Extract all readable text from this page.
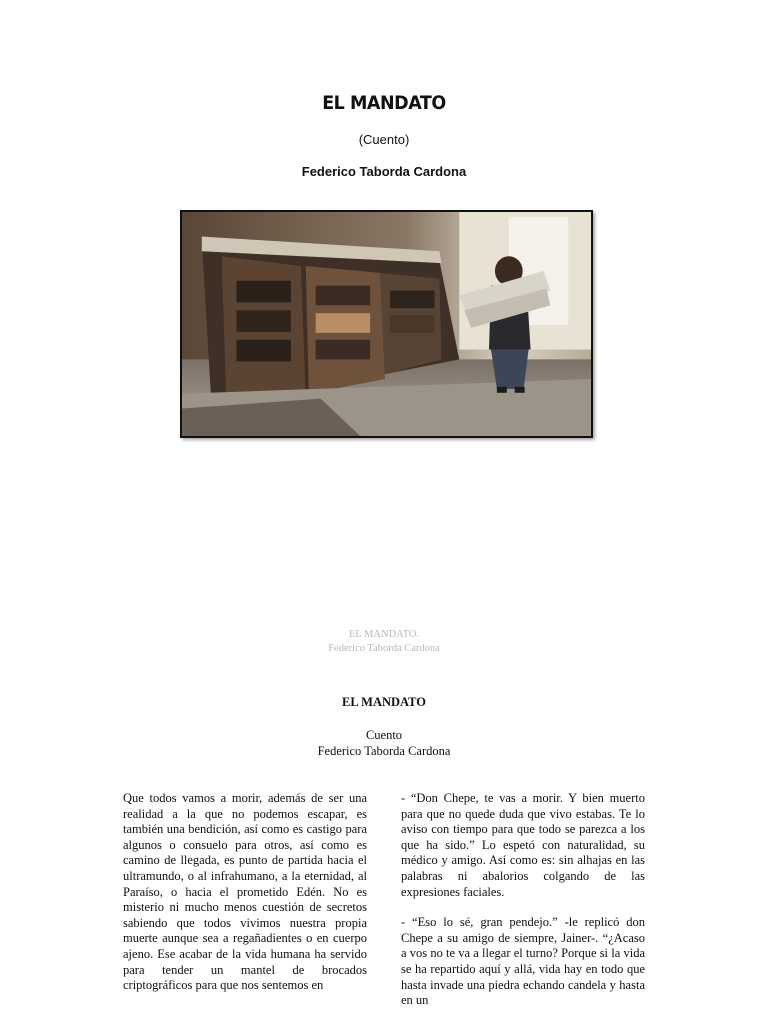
EL MANDATO
(Cuento)
Federico Taborda Cardona
EL MANDATO.
Federico Taborda Cardona
EL MANDATO
Cuento
Federico Taborda Cardona

Que todos vamos a morir, además de ser una realidad a la que no podemos escapar, es también una bendición, así como es castigo para algunos o consuelo para otros, así como es camino de llegada, es punto de partida hacia el ultramundo, o al infrahumano, a la eternidad, al Paraíso, o hacia el prometido Edén. No es misterio ni mucho menos cuestión de secretos sabiendo que todos vivimos nuestra propia muerte aunque sea a regañadientes o en cuerpo ajeno. Ese acabar de la vida humana ha servido para tender un mantel de brocados criptográficos para que nos sentemos en

- “Don Chepe, te vas a morir. Y bien muerto para que no quede duda que vivo estabas. Te lo aviso con tiempo para que todo se parezca a los que ha sido.” Lo espetó con naturalidad, su médico y amigo. Así como es: sin alhajas en las palabras ni abalorios colgando de las expresiones faciales.

- “Eso lo sé, gran pendejo.” -le replicó don Chepe a su amigo de siempre, Jainer-. “¿Acaso a vos no te va a llegar el turno? Porque si la vida se ha repartido aquí y allá, vida hay en todo que hasta invade una piedra echando candela y hasta en un
